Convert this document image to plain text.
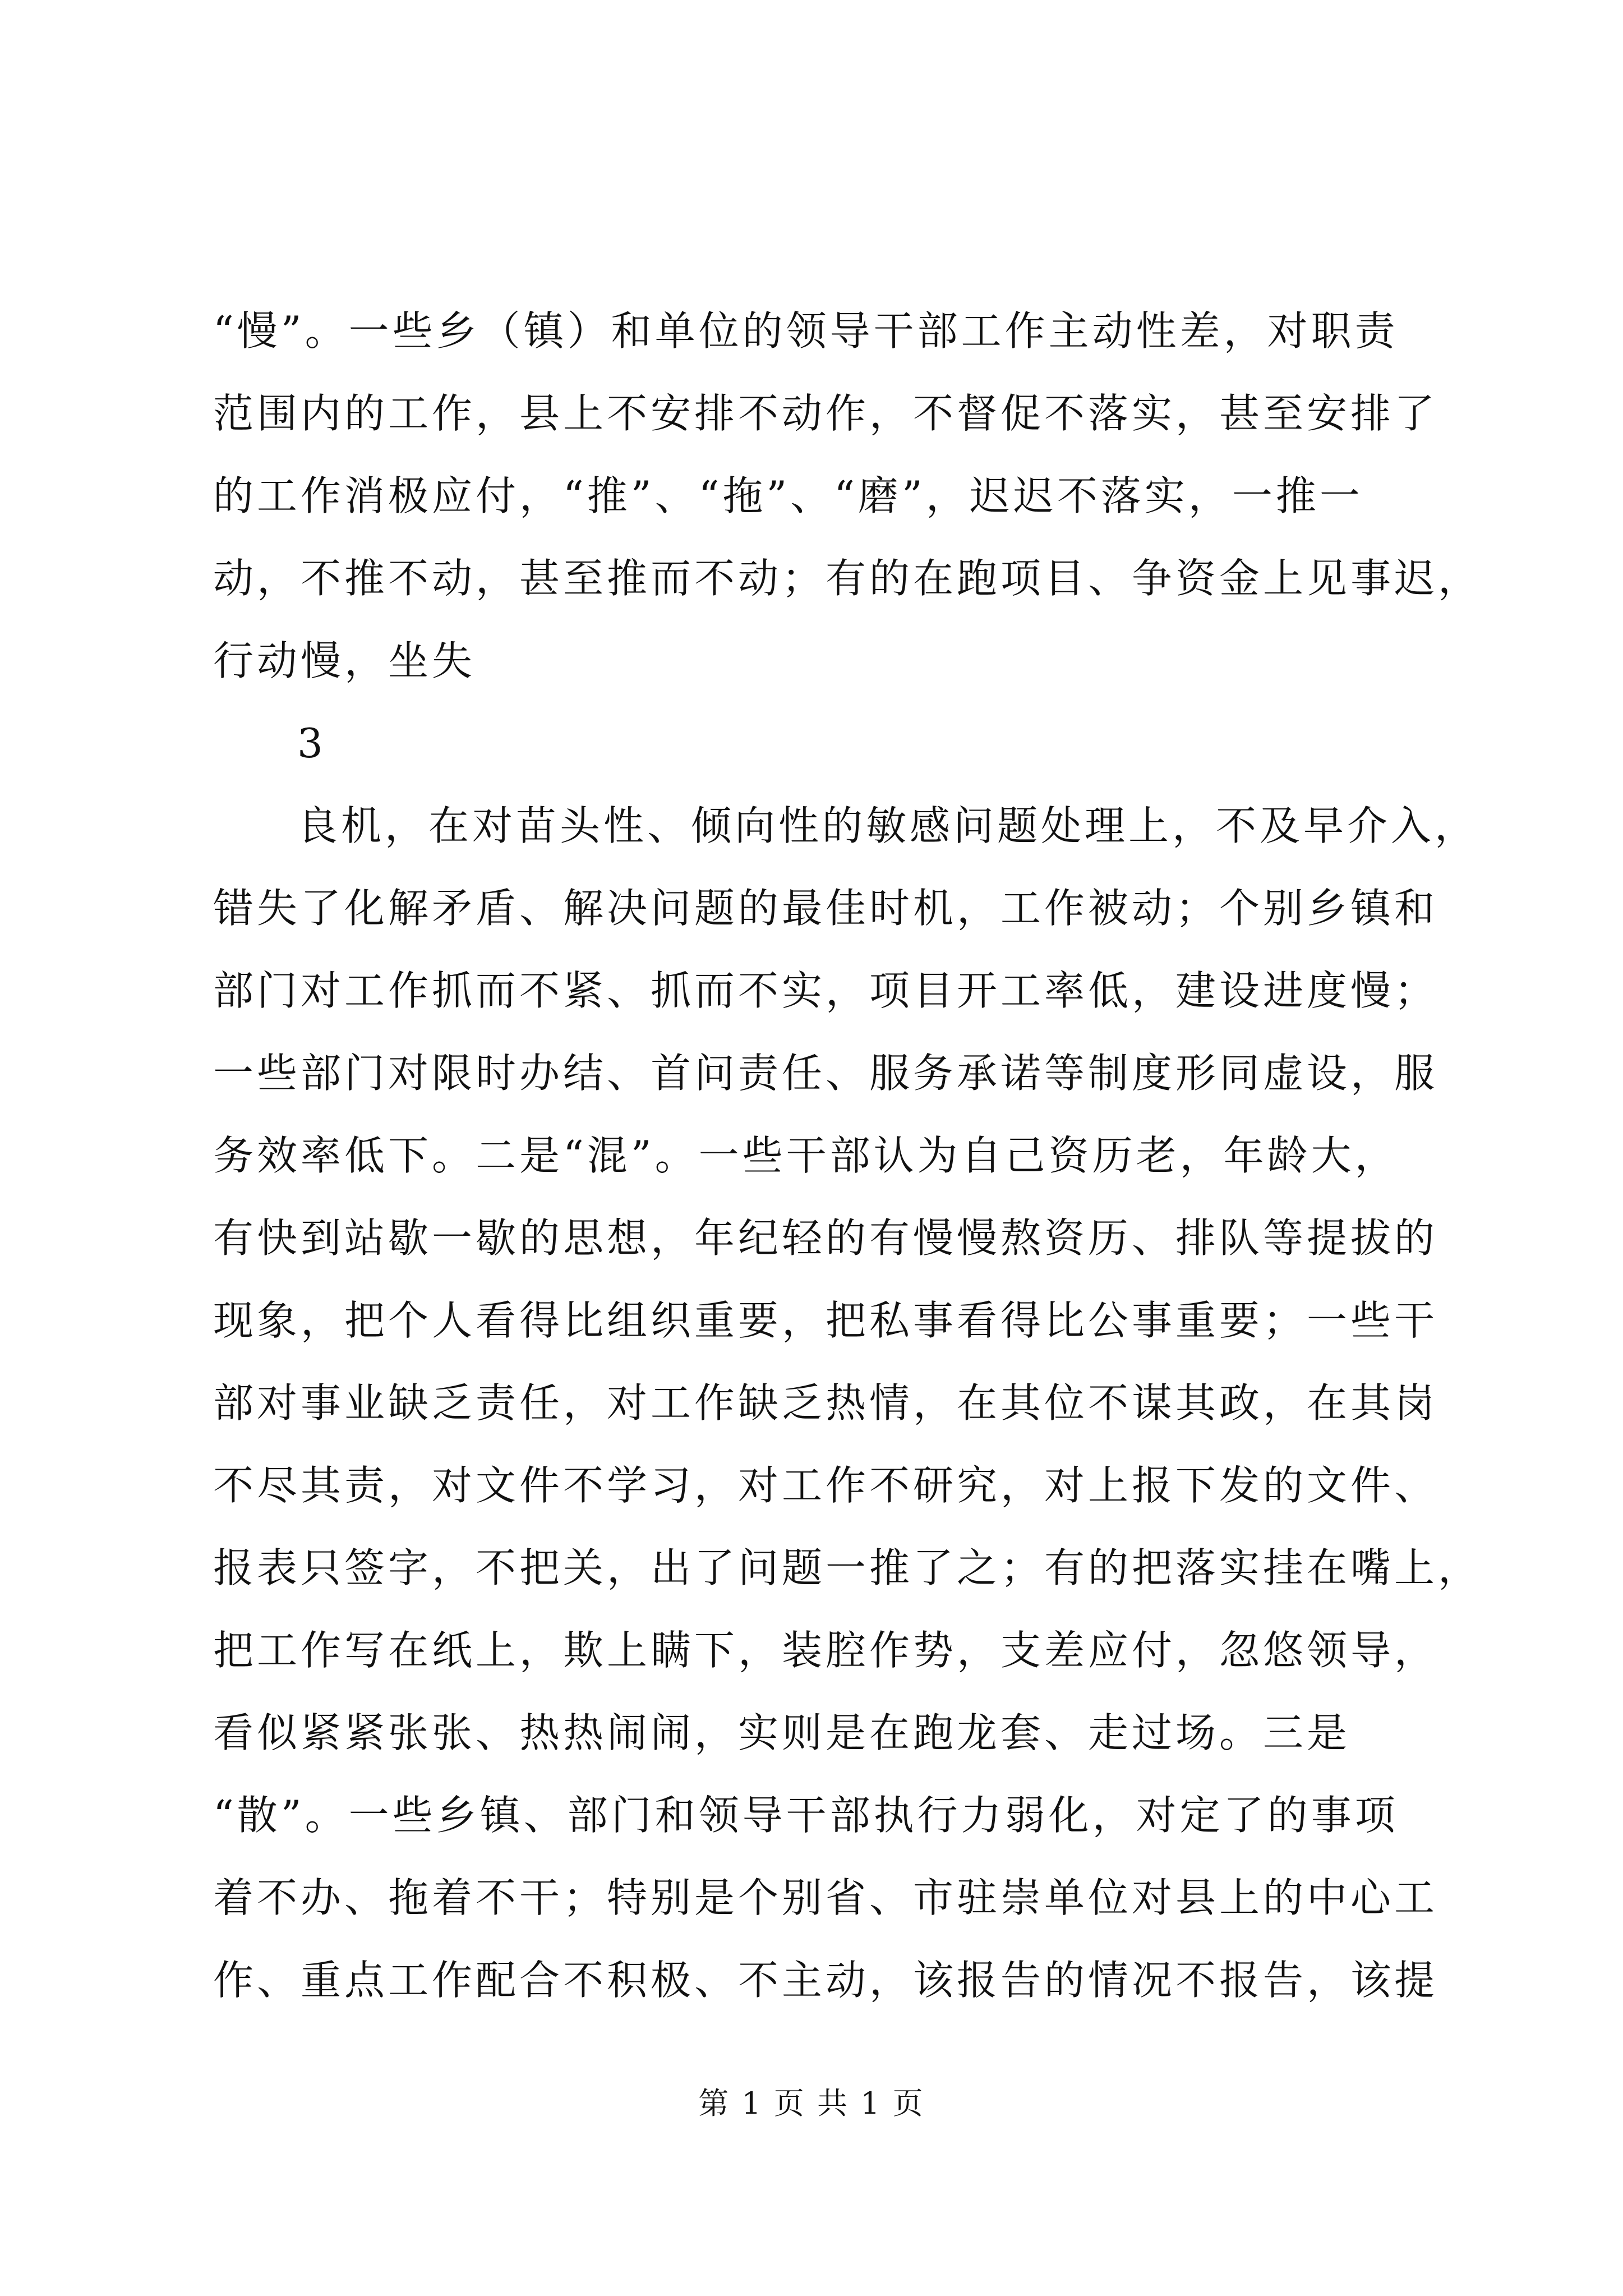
“慢”。一些乡（镇）和单位的领导干部工作主动性差，对职责
范围内的工作，县上不安排不动作，不督促不落实，甚至安排了
的工作消极应付，“推”、“拖”、“磨”，迟迟不落实，一推一
动，不推不动，甚至推而不动；有的在跑项目、争资金上见事迟，
行动慢，坐失
3
良机，在对苗头性、倾向性的敏感问题处理上，不及早介入，
错失了化解矛盾、解决问题的最佳时机，工作被动；个别乡镇和
部门对工作抓而不紧、抓而不实，项目开工率低，建设进度慢；
一些部门对限时办结、首问责任、服务承诺等制度形同虚设，服
务效率低下。二是“混”。一些干部认为自己资历老，年龄大，
有快到站歇一歇的思想，年纪轻的有慢慢熬资历、排队等提拔的
现象，把个人看得比组织重要，把私事看得比公事重要；一些干
部对事业缺乏责任，对工作缺乏热情，在其位不谋其政，在其岗
不尽其责，对文件不学习，对工作不研究，对上报下发的文件、
报表只签字，不把关，出了问题一推了之；有的把落实挂在嘴上，
把工作写在纸上，欺上瞒下，装腔作势，支差应付，忽悠领导，
看似紧紧张张、热热闹闹，实则是在跑龙套、走过场。三是
“散”。一些乡镇、部门和领导干部执行力弱化，对定了的事项
着不办、拖着不干；特别是个别省、市驻崇单位对县上的中心工
作、重点工作配合不积极、不主动，该报告的情况不报告，该提
第 1 页 共 1 页
